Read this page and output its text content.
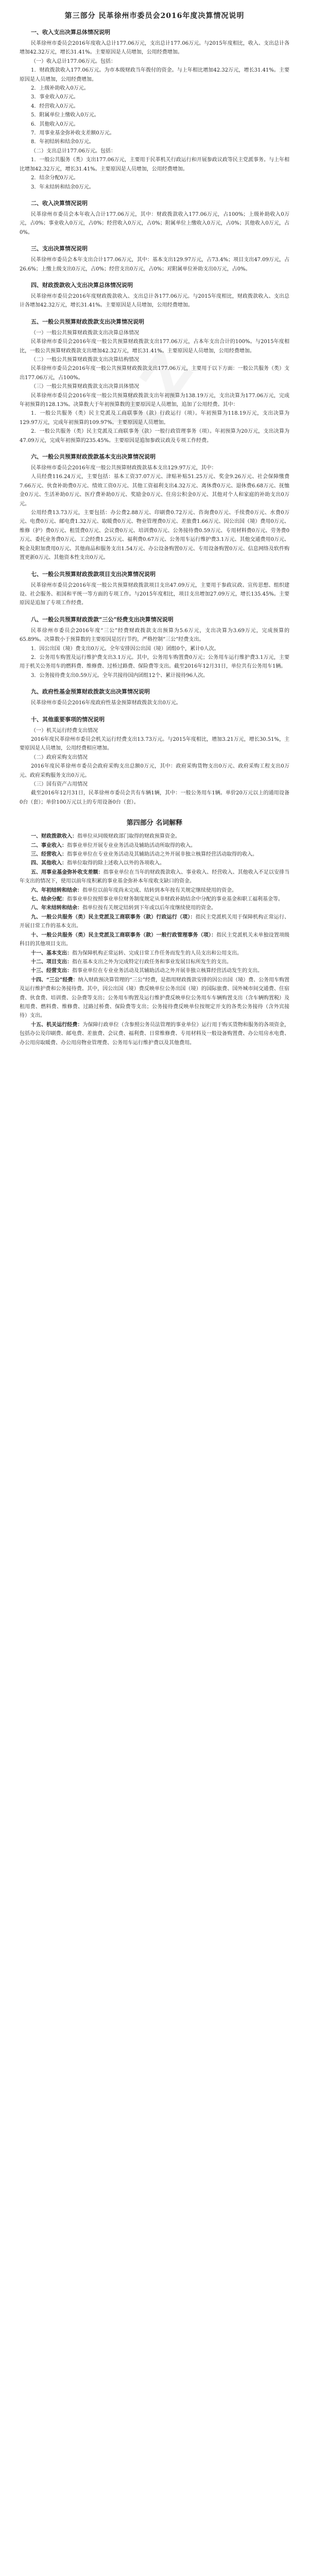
第三部分 民革徐州市委员会2016年度决算情况说明
一、收入支出决算总体情况说明

民革徐州市委员会2016年度收入总计177.06万元，支出总计177.06万元。与2015年度相比，收入、支出总计各增加42.32万元，增长31.41%。主要原因是人员增加，公用经费增加。

（一）收入总计177.06万元。包括：

1．财政拨款收入177.06万元。为市本级财政当年拨付的资金。与上年相比增加42.32万元，增长31.41%。主要原因是人员增加，公用经费增加。

2．上级补助收入0万元。

3．事业收入0万元。

4．经营收入0万元。

5．附属单位上缴收入0万元。

6．其他收入0万元。

7．用事业基金弥补收支差额0万元。

8．年初结转和结余0万元。

（二）支出总计177.06万元。包括：

1．一般公共服务（类）支出177.06万元，主要用于民革机关行政运行和开展参政议政等民主党派事务。与上年相比增加42.32万元，增长31.41%。主要原因是人员增加，公用经费增加。

2．结余分配0万元。

3．年末结转和结余0万元。

二、收入决算情况说明

民革徐州市委员会本年收入合计177.06万元，其中：财政拨款收入177.06万元，占100%；上级补助收入0万元，占0%；事业收入0万元，占0%；经营收入0万元，占0%；附属单位上缴收入0万元，占0%；其他收入0万元，占0%。

三、支出决算情况说明

民革徐州市委员会本年支出合计177.06万元，其中：基本支出129.97万元，占73.4%；项目支出47.09万元，占26.6%；上缴上级支出0万元，占0%；经营支出0万元，占0%；对附属单位补助支出0万元，占0%。

四、财政拨款收入支出决算总体情况说明

民革徐州市委员会2016年度财政拨款收入、支出总计各177.06万元。与2015年度相比，财政拨款收入、支出总计各增加42.32万元，增长31.41%。主要原因是人员增加，公用经费增加。

五、一般公共预算财政拨款支出决算情况说明

（一）一般公共预算财政拨款支出决算总体情况

民革徐州市委员会2016年度一般公共预算财政拨款支出177.06万元，占本年支出合计的100%。与2015年度相比，一般公共预算财政拨款支出增加42.32万元，增长31.41%。主要原因是人员增加，公用经费增加。

（二）一般公共预算财政拨款支出决算结构情况

民革徐州市委员会2016年度一般公共预算财政拨款支出177.06万元，主要用于以下方面：一般公共服务（类）支出177.06万元，占100%。

（三）一般公共预算财政拨款支出决算具体情况

民革徐州市委员会2016年度一般公共预算财政拨款支出年初预算为138.19万元，支出决算为177.06万元，完成年初预算的128.13%。决算数大于年初预算数的主要原因是人员增加，追加了公用经费。其中：

1．一般公共服务（类）民主党派及工商联事务（款）行政运行（项）。年初预算为118.19万元，支出决算为129.97万元，完成年初预算的109.97%。主要原因是人员增加。

2．一般公共服务（类）民主党派及工商联事务（款）一般行政管理事务（项）。年初预算为20万元，支出决算为47.09万元，完成年初预算的235.45%。主要原因是追加参政议政及专项工作经费。

六、一般公共预算财政拨款基本支出决算情况说明

民革徐州市委员会2016年度一般公共预算财政拨款基本支出129.97万元，其中：

人员经费116.24万元，主要包括：基本工资37.07万元、津贴补贴51.25万元、奖金9.26万元、社会保障缴费7.66万元、伙食补助费0万元、绩效工资0万元、其他工资福利支出4.32万元、离休费0万元、退休费6.68万元、抚恤金0万元、生活补助0万元、医疗费补助0万元、奖励金0万元、住房公积金0万元、其他对个人和家庭的补助支出0万元。

公用经费13.73万元，主要包括：办公费2.88万元、印刷费0.72万元、咨询费0万元、手续费0万元、水费0万元、电费0万元、邮电费1.32万元、取暖费0万元、物业管理费0万元、差旅费1.66万元、因公出国（境）费用0万元、维修（护）费0万元、租赁费0万元、会议费0万元、培训费0万元、公务接待费0.59万元、专用材料费0万元、劳务费0万元、委托业务费0万元、工会经费1.25万元、福利费0.67万元、公务用车运行维护费3.1万元、其他交通费用0万元、税金及附加费用0万元、其他商品和服务支出1.54万元、办公设备购置0万元、专用设备购置0万元、信息网络及软件购置更新0万元、其他资本性支出0万元。

七、一般公共预算财政拨款项目支出决算情况说明

民革徐州市委员会2016年度一般公共预算财政拨款项目支出47.09万元，主要用于参政议政、宣传思想、组织建设、社会服务、祖国和平统一等方面的专项工作。与2015年度相比，项目支出增加27.09万元，增长135.45%。主要原因是追加了专项工作经费。

八、一般公共预算财政拨款“三公”经费支出决算情况说明

民革徐州市委员会2016年度“三公”经费财政拨款支出预算为5.6万元，支出决算为3.69万元，完成预算的65.89%。决算数小于预算数的主要原因是厉行节约，严格控制“三公”经费支出。

1．因公出国（境）费支出0万元。全年安排因公出国（境）团组0个，累计0人次。

2．公务用车购置及运行维护费支出3.1万元。其中，公务用车购置费0万元；公务用车运行维护费3.1万元，主要用于机关公务用车的燃料费、维修费、过桥过路费、保险费等支出。截至2016年12月31日，单位共有公务用车1辆。

3．公务接待费支出0.59万元。全年共接待国内团组12个、累计接待96人次。

九、政府性基金预算财政拨款支出决算情况说明

民革徐州市委员会2016年度政府性基金预算财政拨款支出0万元。

十、其他重要事项的情况说明

（一）机关运行经费支出情况

2016年度民革徐州市委员会机关运行经费支出13.73万元。与2015年度相比，增加3.21万元，增长30.51%，主要原因是人员增加，公用经费相应增加。

（二）政府采购支出情况

2016年度民革徐州市委员会政府采购支出总额0万元，其中：政府采购货物支出0万元、政府采购工程支出0万元、政府采购服务支出0万元。

（三）国有资产占用情况

截至2016年12月31日，民革徐州市委员会共有车辆1辆，其中：一般公务用车1辆。单价20万元以上的通用设备0台（套）；单价100万元以上的专用设备0台（套）。

第四部分 名词解释

一、财政拨款收入：指单位从同级财政部门取得的财政预算资金。

二、事业收入：指事业单位开展专业业务活动及辅助活动所取得的收入。

三、经营收入：指事业单位在专业业务活动及其辅助活动之外开展非独立核算经营活动取得的收入。

四、其他收入：指单位取得的除上述收入以外的各项收入。

五、用事业基金弥补收支差额：指事业单位在当年的财政拨款收入、事业收入、经营收入、其他收入不足以安排当年支出的情况下，使用以前年度积累的事业基金弥补本年度收支缺口的资金。

六、年初结转和结余：指单位以前年度尚未完成、结转到本年按有关规定继续使用的资金。

七、结余分配：指事业单位按照事业单位财务制度规定从非财政补助结余中分配的事业基金和职工福利基金等。

八、年末结转和结余：指单位按有关规定结转到下年或以后年度继续使用的资金。

九、一般公共服务（类）民主党派及工商联事务（款）行政运行（项）：指民主党派机关用于保障机构正常运行、开展日常工作的基本支出。

十、一般公共服务（类）民主党派及工商联事务（款）一般行政管理事务（项）：指民主党派机关未单独设置项级科目的其他项目支出。

十一、基本支出：指为保障机构正常运转、完成日常工作任务而发生的人员支出和公用支出。

十二、项目支出：指在基本支出之外为完成特定行政任务和事业发展目标所发生的支出。

十三、经营支出：指事业单位在专业业务活动及其辅助活动之外开展非独立核算经营活动发生的支出。

十四、“三公”经费：纳入财政预决算管理的“三公”经费，是指用财政拨款安排的因公出国（境）费、公务用车购置及运行维护费和公务接待费。其中，因公出国（境）费反映单位公务出国（境）的国际旅费、国外城市间交通费、住宿费、伙食费、培训费、公杂费等支出；公务用车购置及运行维护费反映单位公务用车车辆购置支出（含车辆购置税）及租用费、燃料费、维修费、过路过桥费、保险费等支出；公务接待费反映单位按规定开支的各类公务接待（含外宾接待）支出。

十五、机关运行经费：为保障行政单位（含参照公务员法管理的事业单位）运行用于购买货物和服务的各项资金，包括办公及印刷费、邮电费、差旅费、会议费、福利费、日常维修费、专用材料及一般设备购置费、办公用房水电费、办公用房取暖费、办公用房物业管理费、公务用车运行维护费以及其他费用。
